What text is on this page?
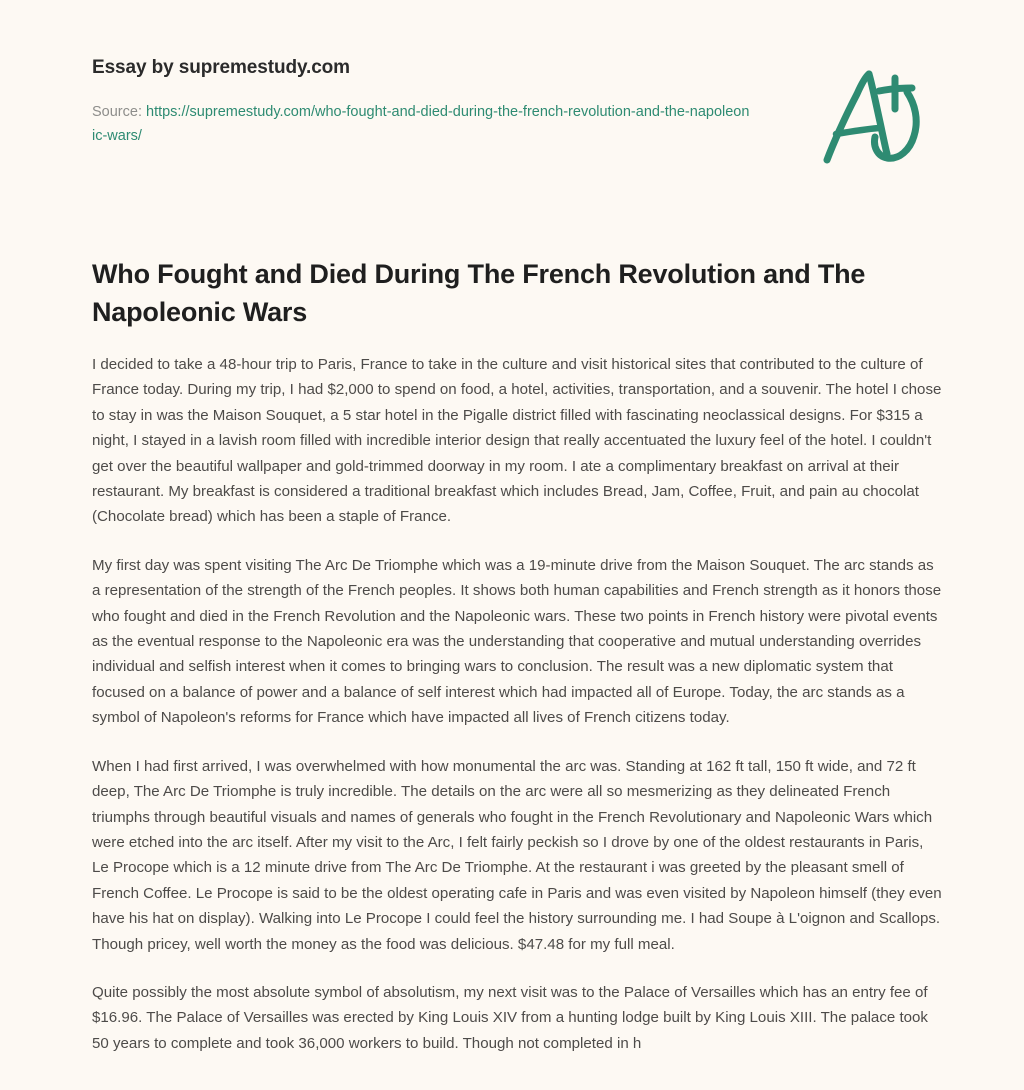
Essay by supremestudy.com
Source: https://supremestudy.com/who-fought-and-died-during-the-french-revolution-and-the-napoleonic-wars/
Who Fought and Died During The French Revolution and The Napoleonic Wars

I decided to take a 48-hour trip to Paris, France to take in the culture and visit historical sites that contributed to the culture of France today. During my trip, I had $2,000 to spend on food, a hotel, activities, transportation, and a souvenir. The hotel I chose to stay in was the Maison Souquet, a 5 star hotel in the Pigalle district filled with fascinating neoclassical designs. For $315 a night, I stayed in a lavish room filled with incredible interior design that really accentuated the luxury feel of the hotel. I couldn't get over the beautiful wallpaper and gold-trimmed doorway in my room. I ate a complimentary breakfast on arrival at their restaurant. My breakfast is considered a traditional breakfast which includes Bread, Jam, Coffee, Fruit, and pain au chocolat (Chocolate bread) which has been a staple of France.

My first day was spent visiting The Arc De Triomphe which was a 19-minute drive from the Maison Souquet. The arc stands as a representation of the strength of the French peoples. It shows both human capabilities and French strength as it honors those who fought and died in the French Revolution and the Napoleonic wars. These two points in French history were pivotal events as the eventual response to the Napoleonic era was the understanding that cooperative and mutual understanding overrides individual and selfish interest when it comes to bringing wars to conclusion. The result was a new diplomatic system that focused on a balance of power and a balance of self interest which had impacted all of Europe. Today, the arc stands as a symbol of Napoleon's reforms for France which have impacted all lives of French citizens today.

When I had first arrived, I was overwhelmed with how monumental the arc was. Standing at 162 ft tall, 150 ft wide, and 72 ft deep, The Arc De Triomphe is truly incredible. The details on the arc were all so mesmerizing as they delineated French triumphs through beautiful visuals and names of generals who fought in the French Revolutionary and Napoleonic Wars which were etched into the arc itself. After my visit to the Arc, I felt fairly peckish so I drove by one of the oldest restaurants in Paris, Le Procope which is a 12 minute drive from The Arc De Triomphe. At the restaurant i was greeted by the pleasant smell of French Coffee. Le Procope is said to be the oldest operating cafe in Paris and was even visited by Napoleon himself (they even have his hat on display). Walking into Le Procope I could feel the history surrounding me. I had Soupe à L'oignon and Scallops. Though pricey, well worth the money as the food was delicious. $47.48 for my full meal.

Quite possibly the most absolute symbol of absolutism, my next visit was to the Palace of Versailles which has an entry fee of $16.96. The Palace of Versailles was erected by King Louis XIV from a hunting lodge built by King Louis XIII. The palace took 50 years to complete and took 36,000 workers to build. Though not completed in h
